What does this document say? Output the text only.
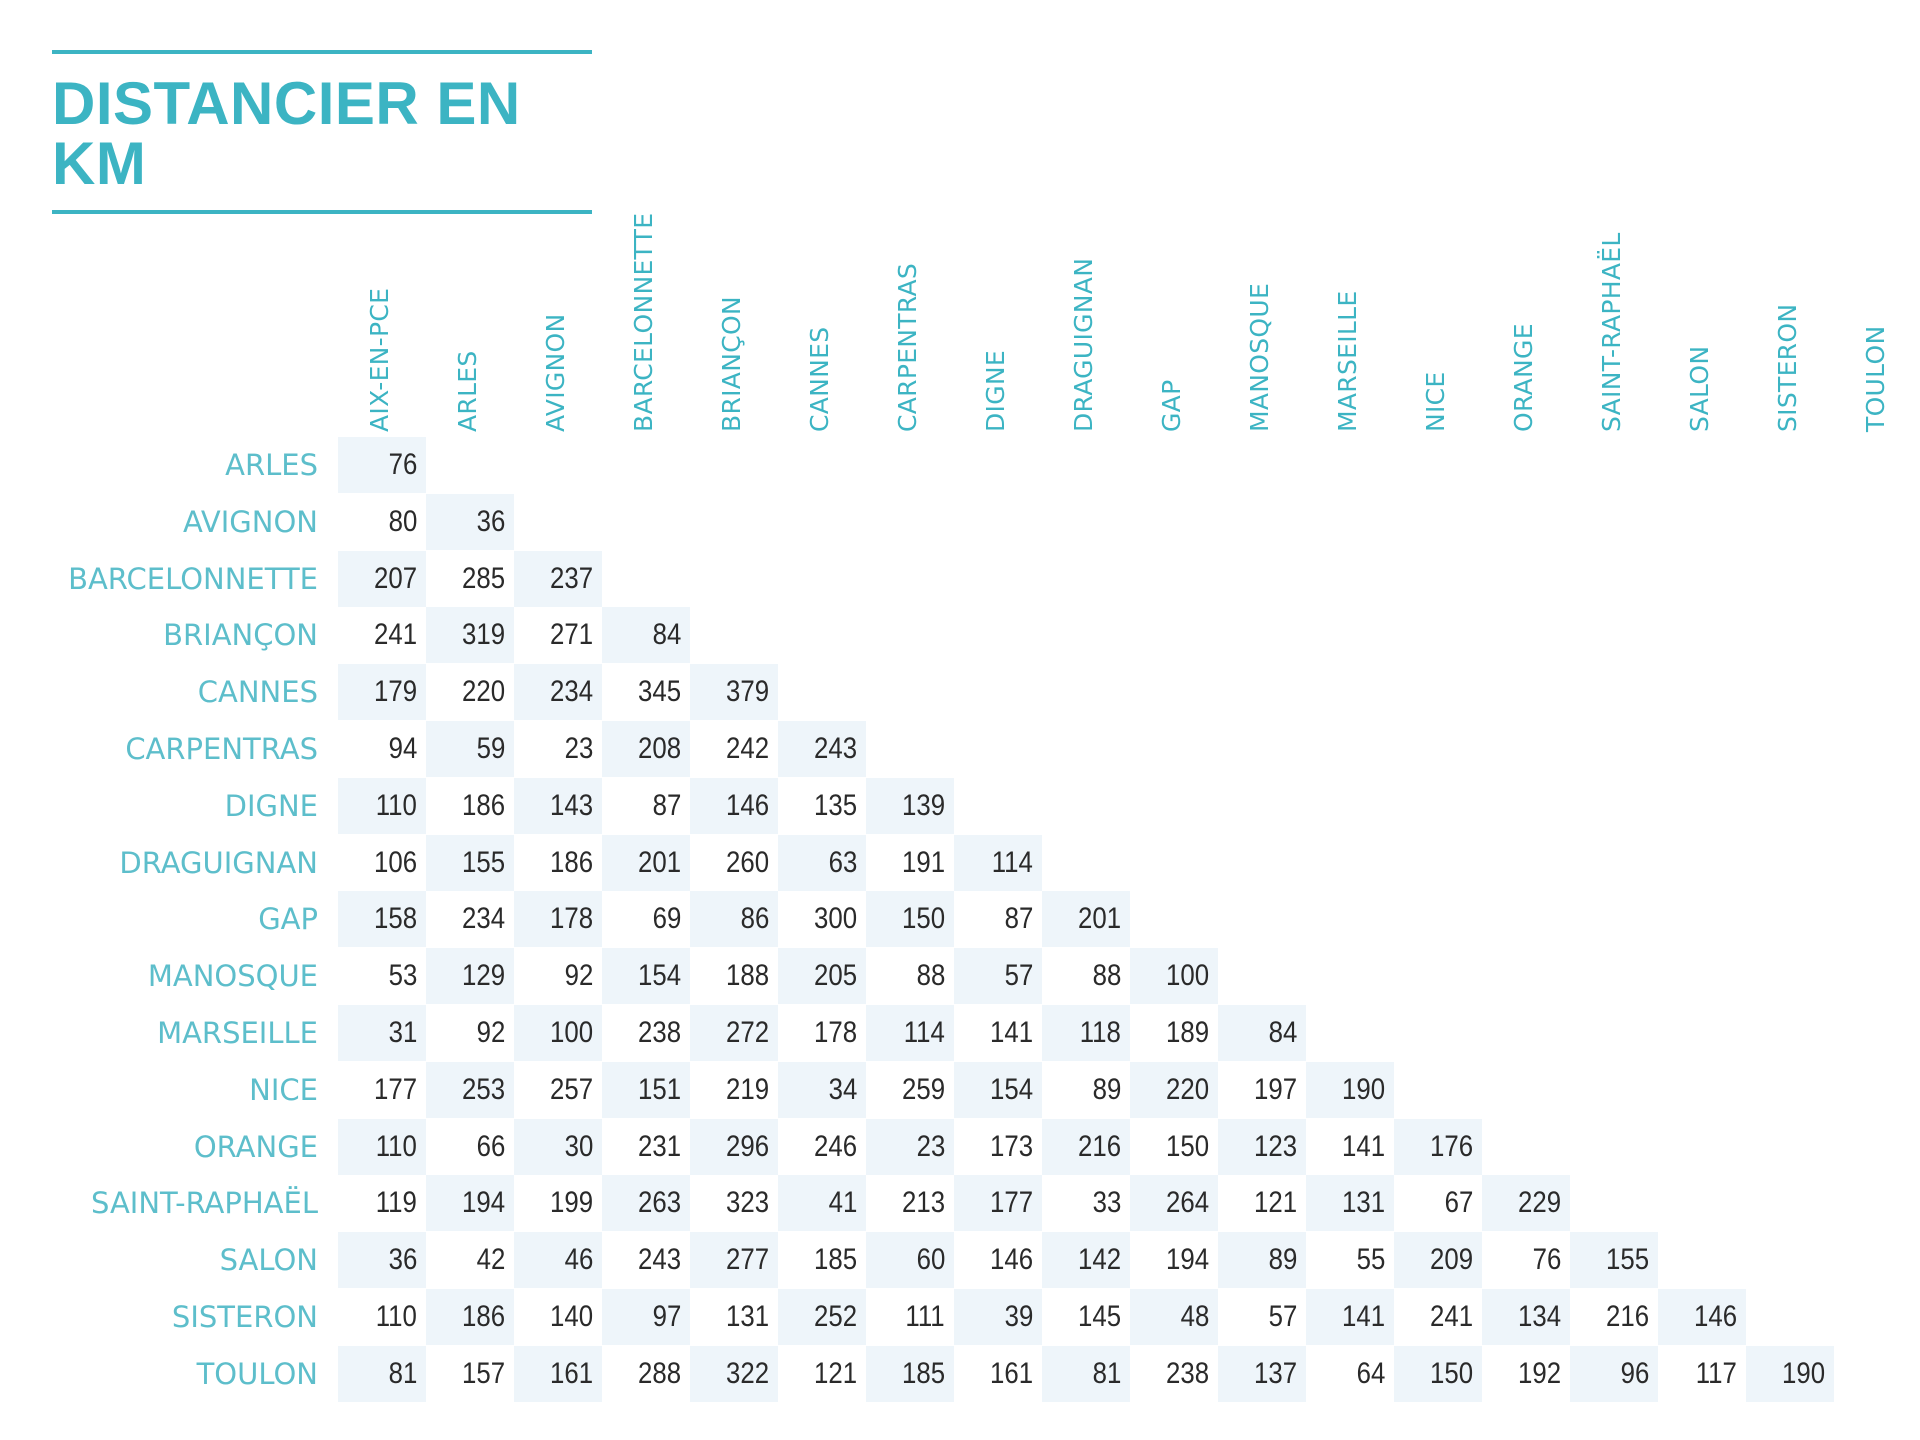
DISTANCIER EN KM
AIX-EN-PCE ARLES AVIGNON BARCELONNETTE BRIANÇON CANNES CARPENTRAS DIGNE DRAGUIGNAN GAP MANOSQUE MARSEILLE NICE ORANGE SAINT-RAPHAËL SALON SISTERON TOULON
ARLES	76
AVIGNON	80	36
BARCELONNETTE	207	285	237
BRIANÇON	241	319	271	84
CANNES	179	220	234	345	379
CARPENTRAS	94	59	23	208	242	243
DIGNE	110	186	143	87	146	135	139
DRAGUIGNAN	106	155	186	201	260	63	191	114
GAP	158	234	178	69	86	300	150	87	201
MANOSQUE	53	129	92	154	188	205	88	57	88	100
MARSEILLE	31	92	100	238	272	178	114	141	118	189	84
NICE	177	253	257	151	219	34	259	154	89	220	197	190
ORANGE	110	66	30	231	296	246	23	173	216	150	123	141	176
SAINT-RAPHAËL	119	194	199	263	323	41	213	177	33	264	121	131	67	229
SALON	36	42	46	243	277	185	60	146	142	194	89	55	209	76	155
SISTERON	110	186	140	97	131	252	111	39	145	48	57	141	241	134	216	146
TOULON	81	157	161	288	322	121	185	161	81	238	137	64	150	192	96	117	190
